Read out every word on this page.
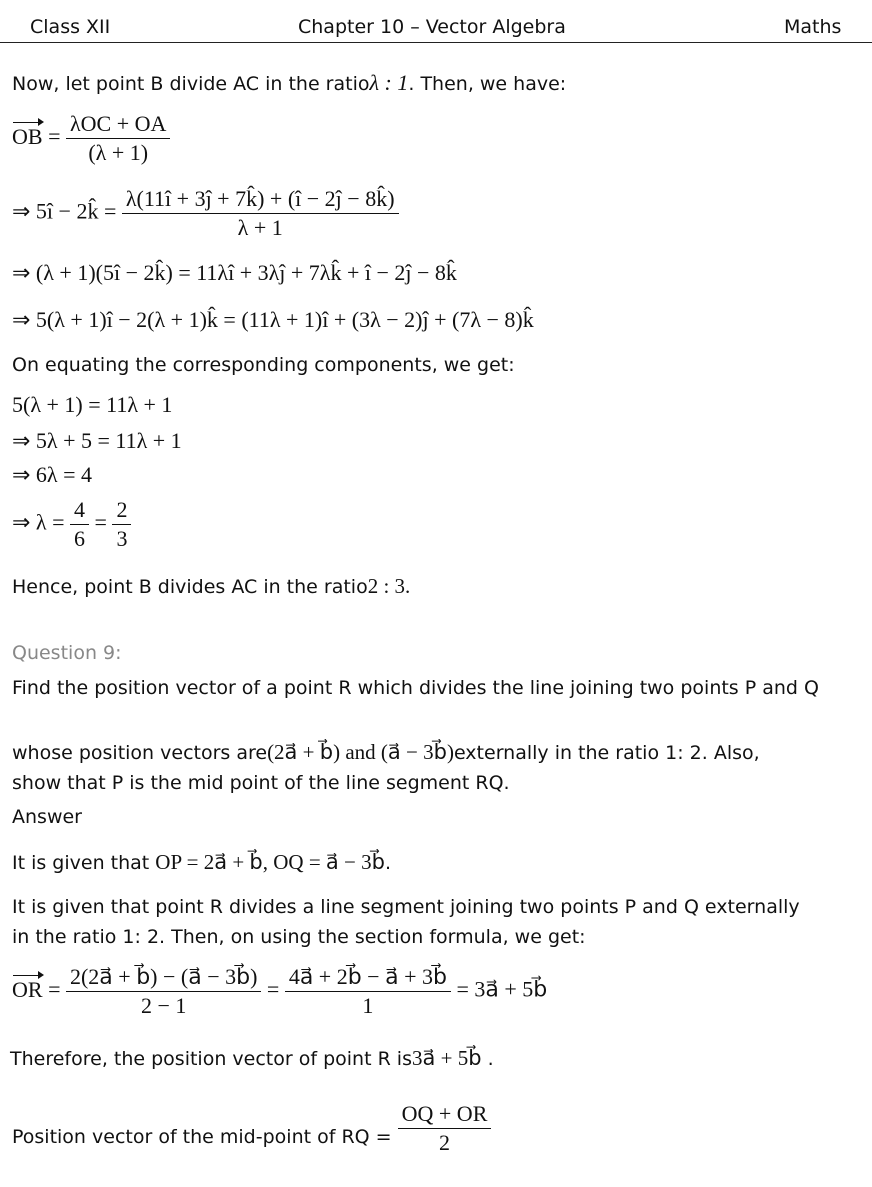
Class XII	Chapter 10 – Vector Algebra	Maths
Now, let point B divide AC in the ratioλ : 1. Then, we have:
OB = $\frac{\text{λOC + OA}}{(\lambda + 1)}$
⇒ 5î − 2k̂ = $\frac{\lambda(11î + 3ĵ + 7k̂) + (î - 2ĵ - 8k̂)}{\lambda + 1}$
⇒ (λ + 1)(5î − 2k̂) = 11λî + 3λĵ + 7λk̂ + î − 2ĵ − 8k̂
⇒ 5(λ + 1)î − 2(λ + 1)k̂ = (11λ + 1)î + (3λ − 2)ĵ + (7λ − 8)k̂
On equating the corresponding components, we get:
5(λ + 1) = 11λ + 1
⇒ 5λ + 5 = 11λ + 1
⇒ 6λ = 4
⇒ $\lambda = \frac{4}{6} = \frac{2}{3}$
Hence, point B divides AC in the ratio2 : 3.
Question 9:
Find the position vector of a point R which divides the line joining two points P and Q
whose position vectors are(2a⃗ + b⃗) and (a⃗ − 3b⃗)externally in the ratio 1: 2. Also,
show that P is the mid point of the line segment RQ.
Answer
It is given that OP = 2a⃗ + b⃗, OQ = a⃗ − 3b⃗.
It is given that point R divides a line segment joining two points P and Q externally
in the ratio 1: 2. Then, on using the section formula, we get:
OR = $\frac{2(2a⃗ + b⃗) - (a⃗ - 3b⃗)}{2 - 1} = \frac{4a⃗ + 2b⃗ - a⃗ + 3b⃗}{1}$ = 3a⃗ + 5b⃗
Therefore, the position vector of point R is3a⃗ + 5b⃗ .
Position vector of the mid-point of RQ = $\frac{OQ + OR}{2}$
